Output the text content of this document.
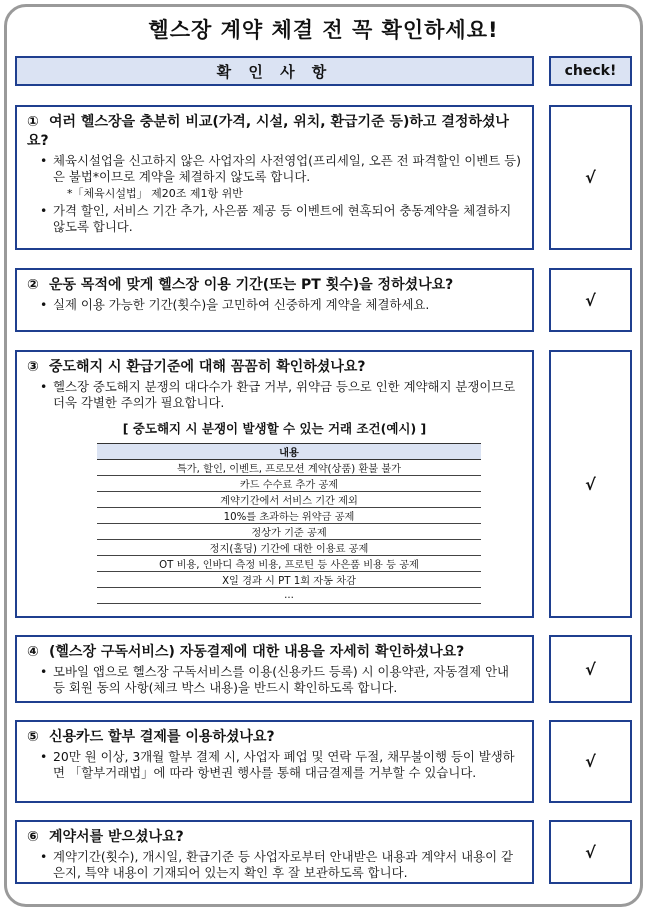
헬스장 계약 체결 전 꼭 확인하세요!
확 인 사 항	check!
① 여러 헬스장을 충분히 비교(가격, 시설, 위치, 환급기준 등)하고 결정하셨나요?
• 체육시설업을 신고하지 않은 사업자의 사전영업(프리세일, 오픈 전 파격할인 이벤트 등)은 불법*이므로 계약을 체결하지 않도록 합니다.
*「체육시설법」 제20조 제1항 위반
• 가격 할인, 서비스 기간 추가, 사은품 제공 등 이벤트에 현혹되어 충동계약을 체결하지 않도록 합니다.
√
② 운동 목적에 맞게 헬스장 이용 기간(또는 PT 횟수)을 정하셨나요?
• 실제 이용 가능한 기간(횟수)을 고민하여 신중하게 계약을 체결하세요.	√
③ 중도해지 시 환급기준에 대해 꼼꼼히 확인하셨나요?
• 헬스장 중도해지 분쟁의 대다수가 환급 거부, 위약금 등으로 인한 계약해지 분쟁이므로 더욱 각별한 주의가 필요합니다.
[ 중도해지 시 분쟁이 발생할 수 있는 거래 조건(예시) ]
내용
특가, 할인, 이벤트, 프로모션 계약(상품) 환불 불가
카드 수수료 추가 공제
계약기간에서 서비스 기간 제외
10%를 초과하는 위약금 공제
정상가 기준 공제
정지(홀딩) 기간에 대한 이용료 공제
OT 비용, 인바디 측정 비용, 프로틴 등 사은품 비용 등 공제
X일 경과 시 PT 1회 자동 차감
...
√
④ (헬스장 구독서비스) 자동결제에 대한 내용을 자세히 확인하셨나요?
• 모바일 앱으로 헬스장 구독서비스를 이용(신용카드 등록) 시 이용약관, 자동결제 안내 등 회원 동의 사항(체크 박스 내용)을 반드시 확인하도록 합니다.
√
⑤ 신용카드 할부 결제를 이용하셨나요?
• 20만 원 이상, 3개월 할부 결제 시, 사업자 폐업 및 연락 두절, 채무불이행 등이 발생하면 「할부거래법」에 따라 항변권 행사를 통해 대금결제를 거부할 수 있습니다.
√
⑥ 계약서를 받으셨나요?
• 계약기간(횟수), 개시일, 환급기준 등 사업자로부터 안내받은 내용과 계약서 내용이 같은지, 특약 내용이 기재되어 있는지 확인 후 잘 보관하도록 합니다.
√
